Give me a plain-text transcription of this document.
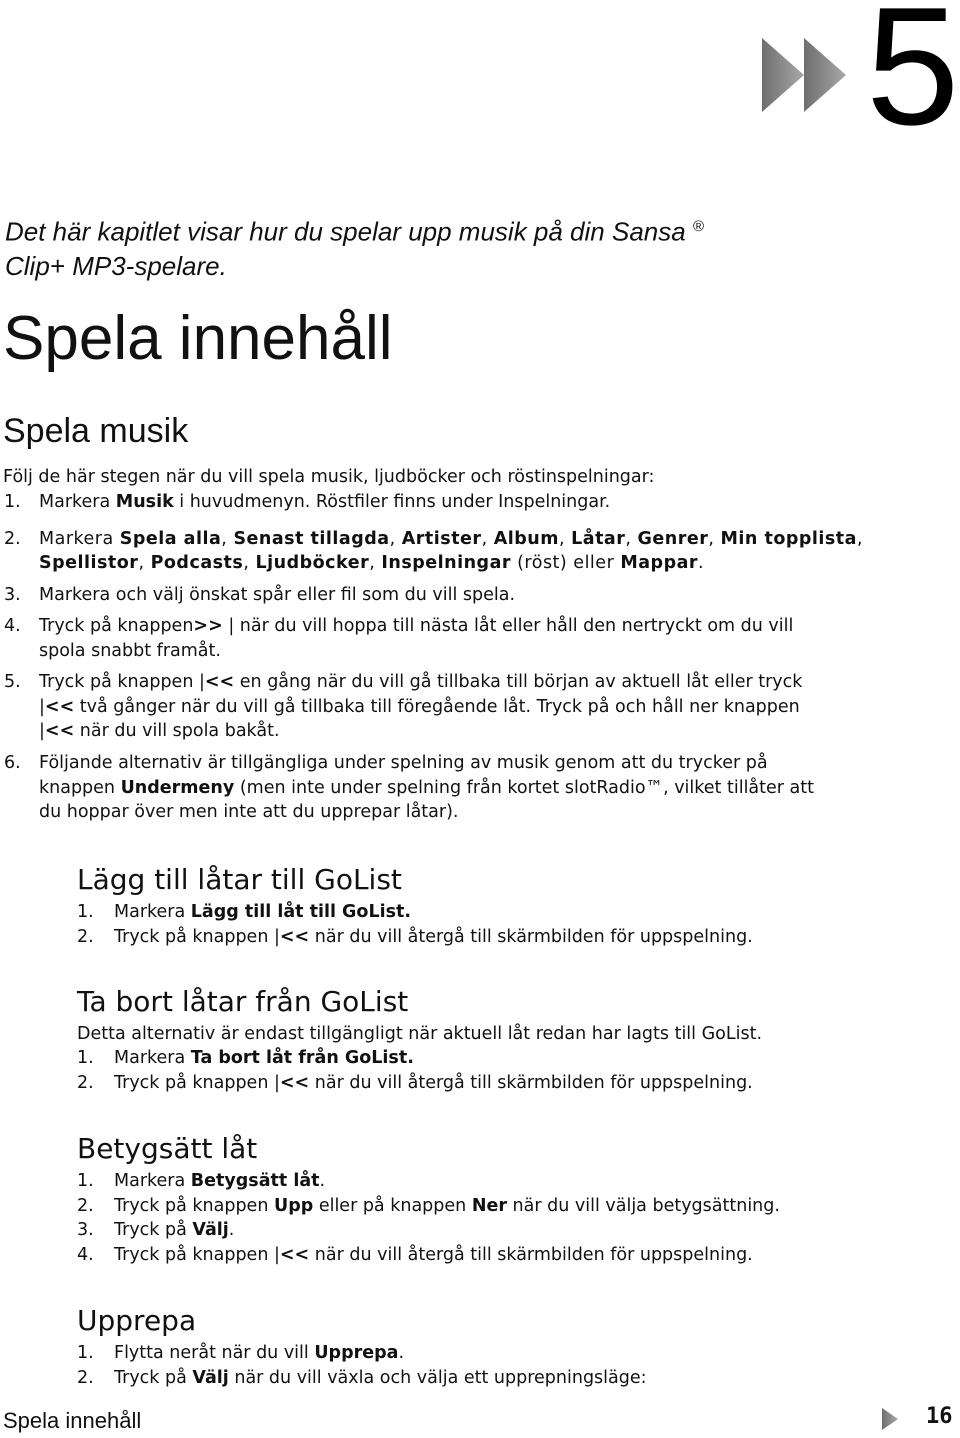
5
Det här kapitlet visar hur du spelar upp musik på din Sansa ®
Clip+ MP3-spelare.
Spela innehåll
Spela musik
Följ de här stegen när du vill spela musik, ljudböcker och röstinspelningar:
1. Markera Musik i huvudmenyn. Röstfiler finns under Inspelningar.
2. Markera Spela alla, Senast tillagda, Artister, Album, Låtar, Genrer, Min topplista,
Spellistor, Podcasts, Ljudböcker, Inspelningar (röst) eller Mappar.
3. Markera och välj önskat spår eller fil som du vill spela.
4. Tryck på knappen>> | när du vill hoppa till nästa låt eller håll den nertryckt om du vill
spola snabbt framåt.
5. Tryck på knappen |<< en gång när du vill gå tillbaka till början av aktuell låt eller tryck
|<< två gånger när du vill gå tillbaka till föregående låt. Tryck på och håll ner knappen
|<< när du vill spola bakåt.
6. Följande alternativ är tillgängliga under spelning av musik genom att du trycker på
knappen Undermeny (men inte under spelning från kortet slotRadio™, vilket tillåter att
du hoppar över men inte att du upprepar låtar).
Lägg till låtar till GoList
1. Markera Lägg till låt till GoList.
2. Tryck på knappen |<< när du vill återgå till skärmbilden för uppspelning.
Ta bort låtar från GoList
Detta alternativ är endast tillgängligt när aktuell låt redan har lagts till GoList.
1. Markera Ta bort låt från GoList.
2. Tryck på knappen |<< när du vill återgå till skärmbilden för uppspelning.
Betygsätt låt
1. Markera Betygsätt låt.
2. Tryck på knappen Upp eller på knappen Ner när du vill välja betygsättning.
3. Tryck på Välj.
4. Tryck på knappen |<< när du vill återgå till skärmbilden för uppspelning.
Upprepa
1. Flytta neråt när du vill Upprepa.
2. Tryck på Välj när du vill växla och välja ett upprepningsläge:
Spela innehåll	16
